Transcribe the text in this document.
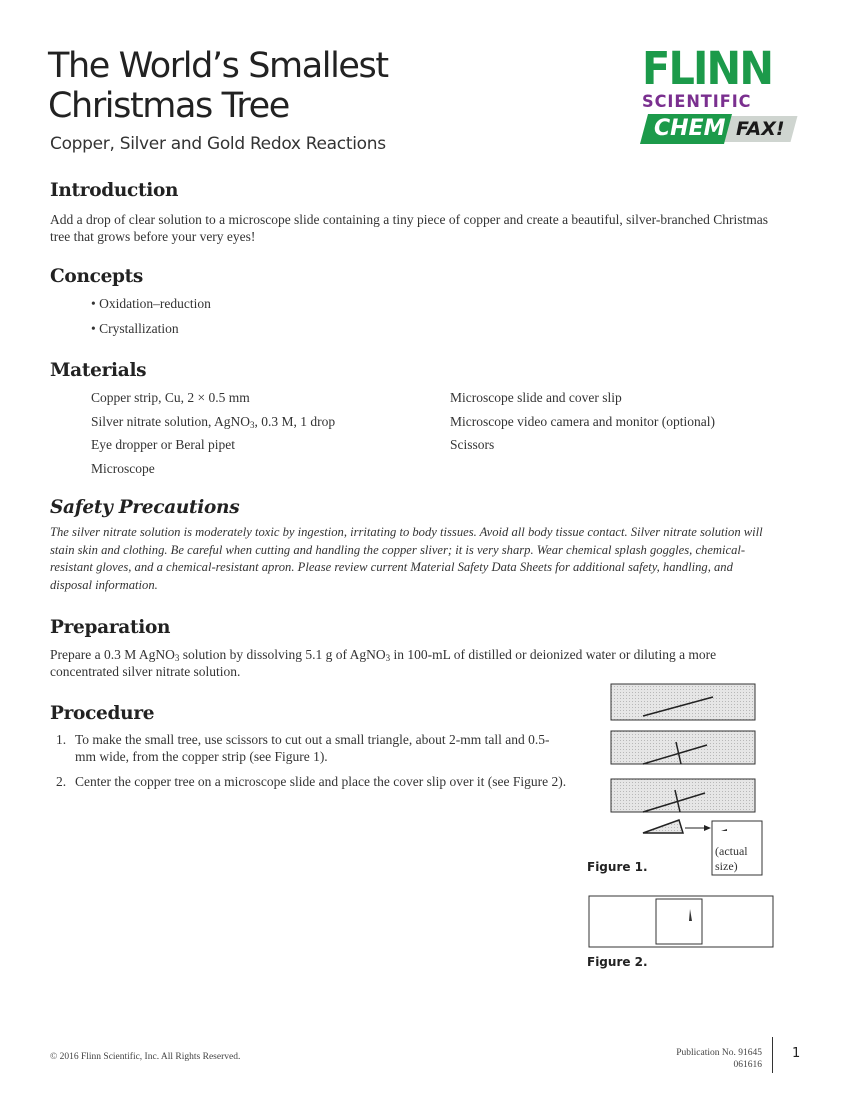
The World’s Smallest
Christmas Tree
Copper, Silver and Gold Redox Reactions
FLINN
SCIENTIFIC
FAX!
CHEM
Introduction
Add a drop of clear solution to a microscope slide containing a tiny piece of copper and create a beautiful, silver-branched Christmas tree that grows before your very eyes!
Concepts
• Oxidation–reduction
• Crystallization
Materials
Copper strip, Cu, 2 × 0.5 mm
Silver nitrate solution, AgNO$_3$, 0.3 M, 1 drop
Eye dropper or Beral pipet
Microscope
Microscope slide and cover slip
Microscope video camera and monitor (optional)
Scissors
Safety Precautions
The silver nitrate solution is moderately toxic by ingestion, irritating to body tissues. Avoid all body tissue contact. Silver nitrate solution will stain skin and clothing. Be careful when cutting and handling the copper sliver; it is very sharp. Wear chemical splash goggles, chemical-resistant gloves, and a chemical-resistant apron. Please review current Material Safety Data Sheets for additional safety, handling, and disposal information.
Preparation
Prepare a 0.3 M AgNO$_3$ solution by dissolving 5.1 g of AgNO$_3$ in 100-mL of distilled or deionized water or diluting a more concentrated silver nitrate solution.
Procedure
1. To make the small tree, use scissors to cut out a small triangle, about 2-mm tall and 0.5-mm wide, from the copper strip (see Figure 1).
2. Center the copper tree on a microscope slide and place the cover slip over it (see Figure 2).
(actual
size)
Figure 1.
Figure 2.
© 2016 Flinn Scientific, Inc. All Rights Reserved.	Publication No. 91645
061616
1
